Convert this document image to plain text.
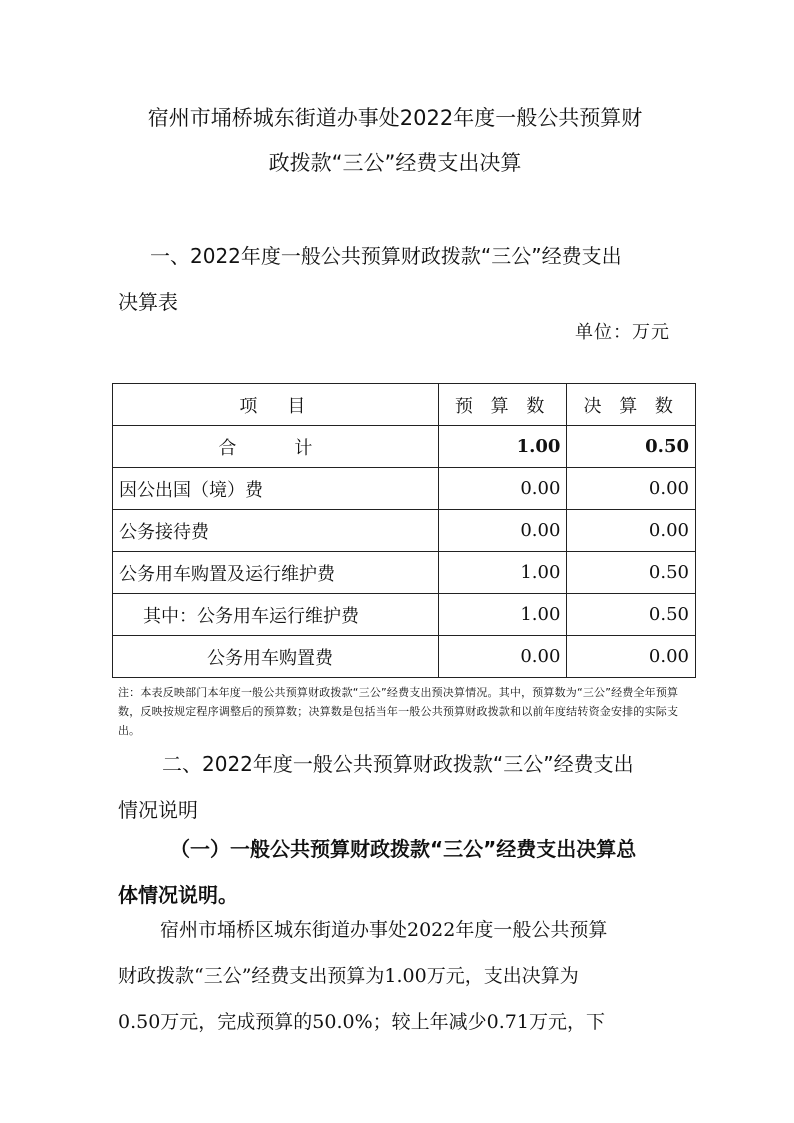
宿州市埇桥城东街道办事处2022年度一般公共预算财
政拨款“三公”经费支出决算
一、2022年度一般公共预算财政拨款“三公”经费支出
决算表
单位：万元
项　目	预 算 数	决 算 数
合　计	1.00	0.50
因公出国（境）费	0.00	0.00
公务接待费	0.00	0.00
公务用车购置及运行维护费	1.00	0.50
其中：公务用车运行维护费	1.00	0.50
公务用车购置费	0.00	0.00
注：本表反映部门本年度一般公共预算财政拨款“三公”经费支出预决算情况。其中，预算数为“三公”经费全年预算数，反映按规定程序调整后的预算数；决算数是包括当年一般公共预算财政拨款和以前年度结转资金安排的实际支出。
二、2022年度一般公共预算财政拨款“三公”经费支出
情况说明
（一）一般公共预算财政拨款“三公”经费支出决算总
体情况说明。
宿州市埇桥区城东街道办事处2022年度一般公共预算
财政拨款“三公”经费支出预算为1.00万元，支出决算为
0.50万元，完成预算的50.0%；较上年减少0.71万元，下
